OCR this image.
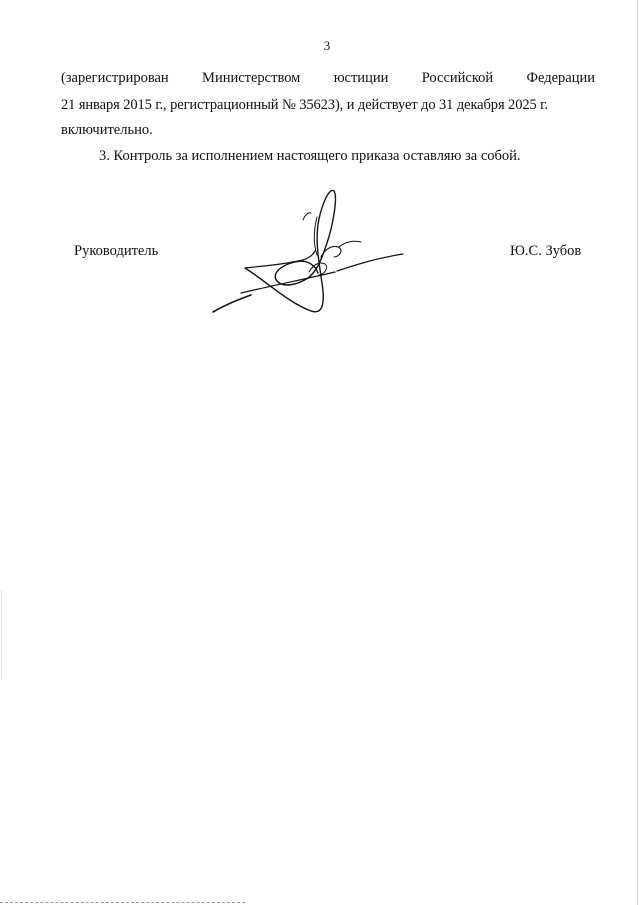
3
(зарегистрирован Министерством юстиции Российской Федерации
21 января 2015 г., регистрационный № 35623), и действует до 31 декабря 2025 г.
включительно.
3. Контроль за исполнением настоящего приказа оставляю за собой.
Руководитель	Ю.С. Зубов
